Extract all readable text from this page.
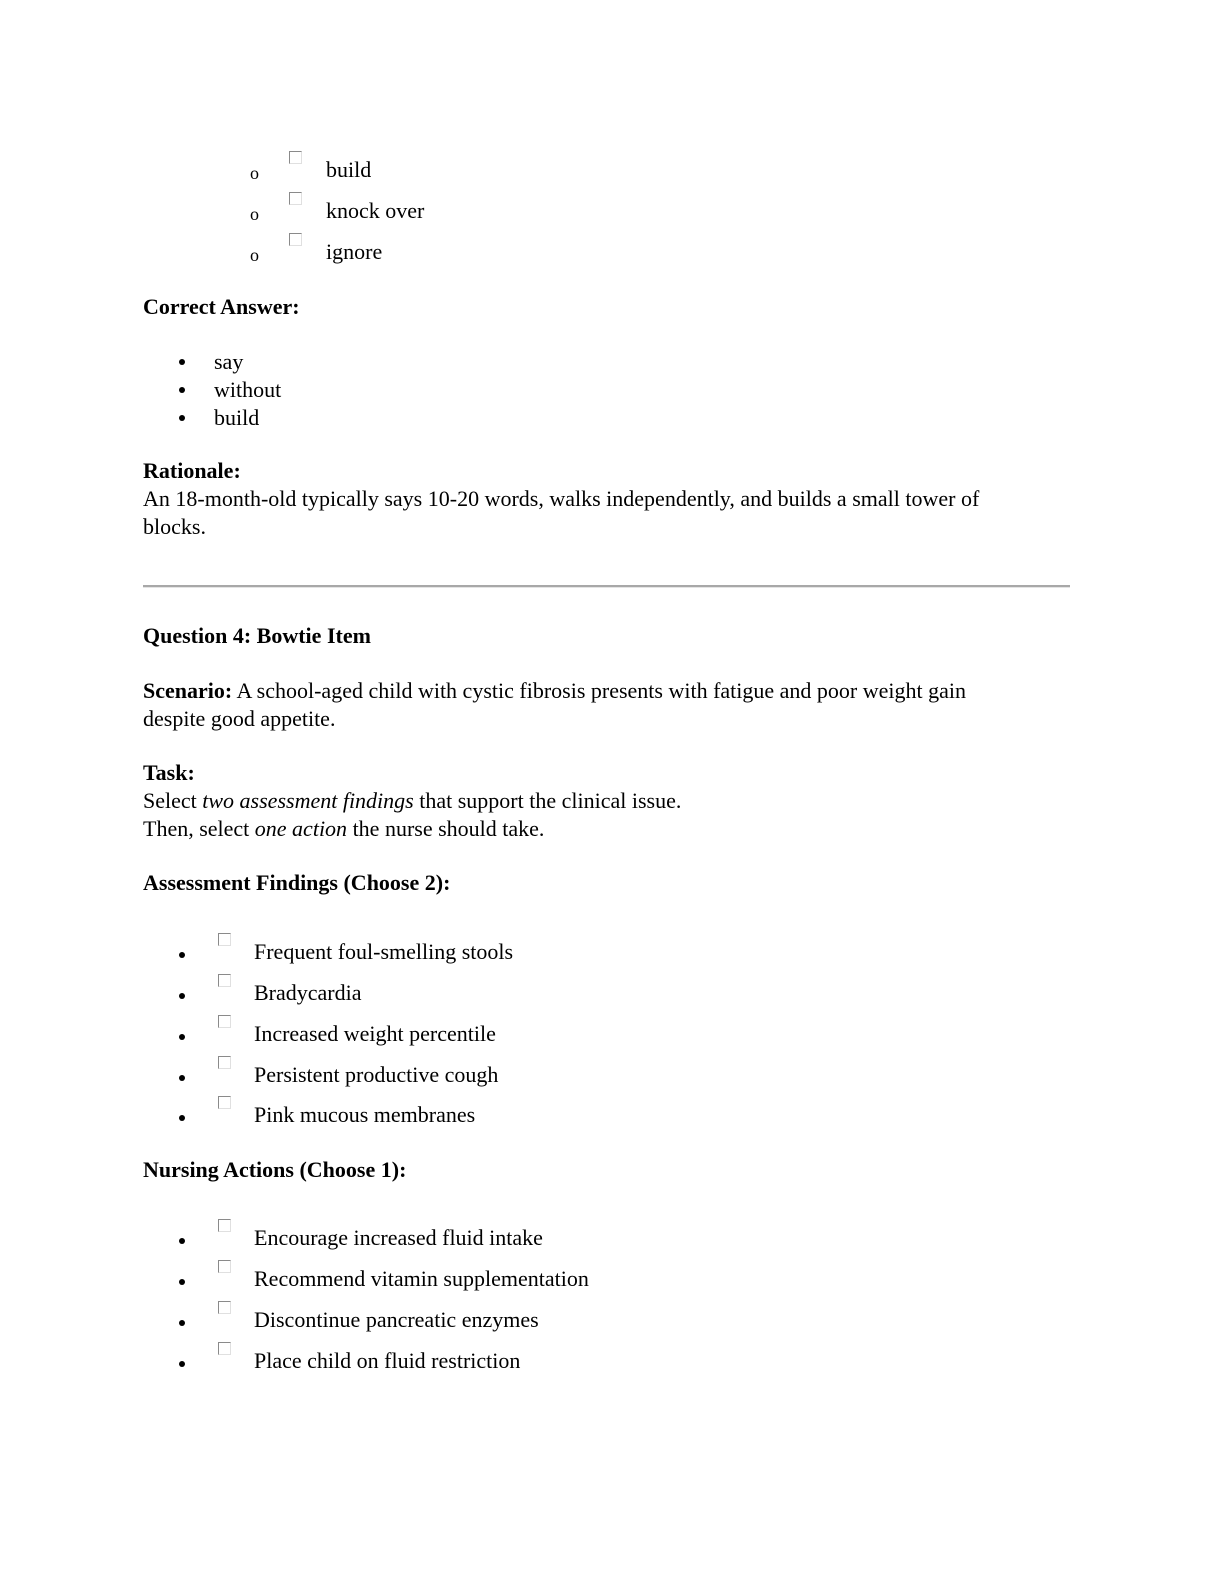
o	build
o	knock over
o	ignore
Correct Answer:
say
without
build
Rationale:
An 18-month-old typically says 10-20 words, walks independently, and builds a small tower of
blocks.
Question 4: Bowtie Item
Scenario: A school-aged child with cystic fibrosis presents with fatigue and poor weight gain
despite good appetite.
Task:
Select two assessment findings that support the clinical issue.
Then, select one action the nurse should take.
Assessment Findings (Choose 2):
Frequent foul-smelling stools
Bradycardia
Increased weight percentile
Persistent productive cough
Pink mucous membranes
Nursing Actions (Choose 1):
Encourage increased fluid intake
Recommend vitamin supplementation
Discontinue pancreatic enzymes
Place child on fluid restriction
